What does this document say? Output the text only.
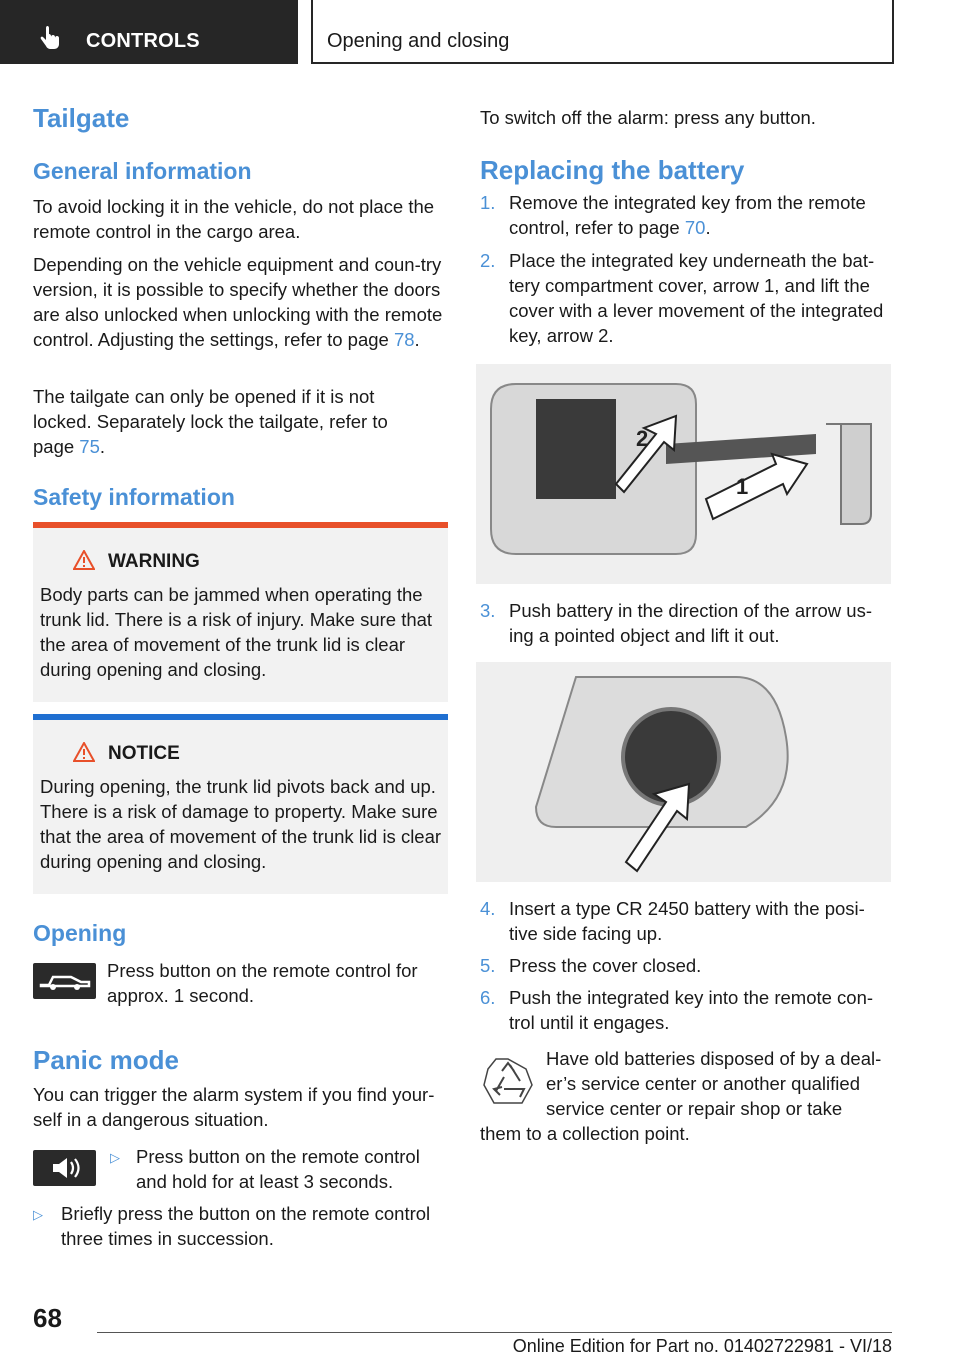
CONTROLS	Opening and closing
Tailgate
General information
To avoid locking it in the vehicle, do not place the remote control in the cargo area.
Depending on the vehicle equipment and coun-try version, it is possible to specify whether the doors are also unlocked when unlocking with the remote control. Adjusting the settings, refer to page 78.
The tailgate can only be opened if it is not locked. Separately lock the tailgate, refer to page 75.
Safety information
WARNING
Body parts can be jammed when operating the trunk lid. There is a risk of injury. Make sure that the area of movement of the trunk lid is clear during opening and closing.
NOTICE
During opening, the trunk lid pivots back and up. There is a risk of damage to property. Make sure that the area of movement of the trunk lid is clear during opening and closing.
Opening
Press button on the remote control for approx. 1 second.
Panic mode
You can trigger the alarm system if you find your-self in a dangerous situation.
▷ Press button on the remote control and hold for at least 3 seconds.
▷ Briefly press the button on the remote control three times in succession.
To switch off the alarm: press any button.
Replacing the battery
1. Remove the integrated key from the remote control, refer to page 70.
2. Place the integrated key underneath the bat-tery compartment cover, arrow 1, and lift the cover with a lever movement of the integrated key, arrow 2.
2
1
3. Push battery in the direction of the arrow us-ing a pointed object and lift it out.
4. Insert a type CR 2450 battery with the posi-tive side facing up.
5. Press the cover closed.
6. Push the integrated key into the remote con-trol until it engages.
Have old batteries disposed of by a deal-er’s service center or another qualified service center or repair shop or take
them to a collection point.
68
Online Edition for Part no. 01402722981 - VI/18
